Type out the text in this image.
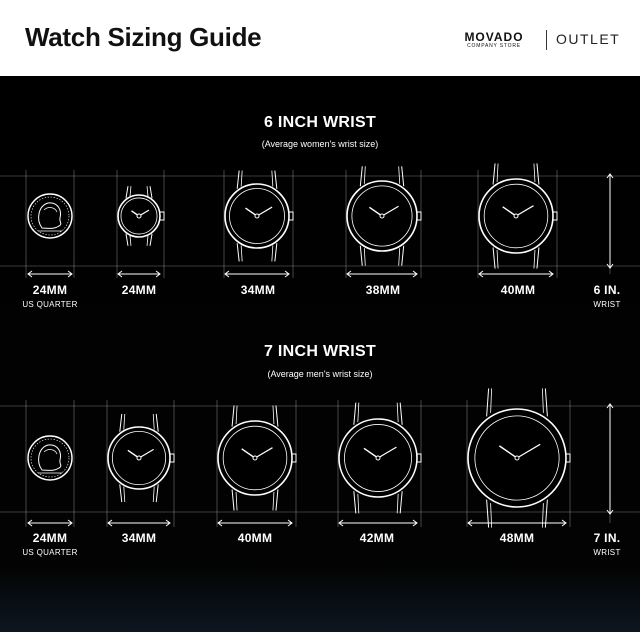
Watch Sizing Guide	MOVADO
COMPANY STORE	OUTLET
6 INCH WRIST
(Average women's wrist size)
24MM
US QUARTER
24MM	34MM	38MM	40MM	6 IN.
WRIST
7 INCH WRIST
(Average men's wrist size)
24MM
US QUARTER
34MM	40MM	42MM	48MM	7 IN.
WRIST
